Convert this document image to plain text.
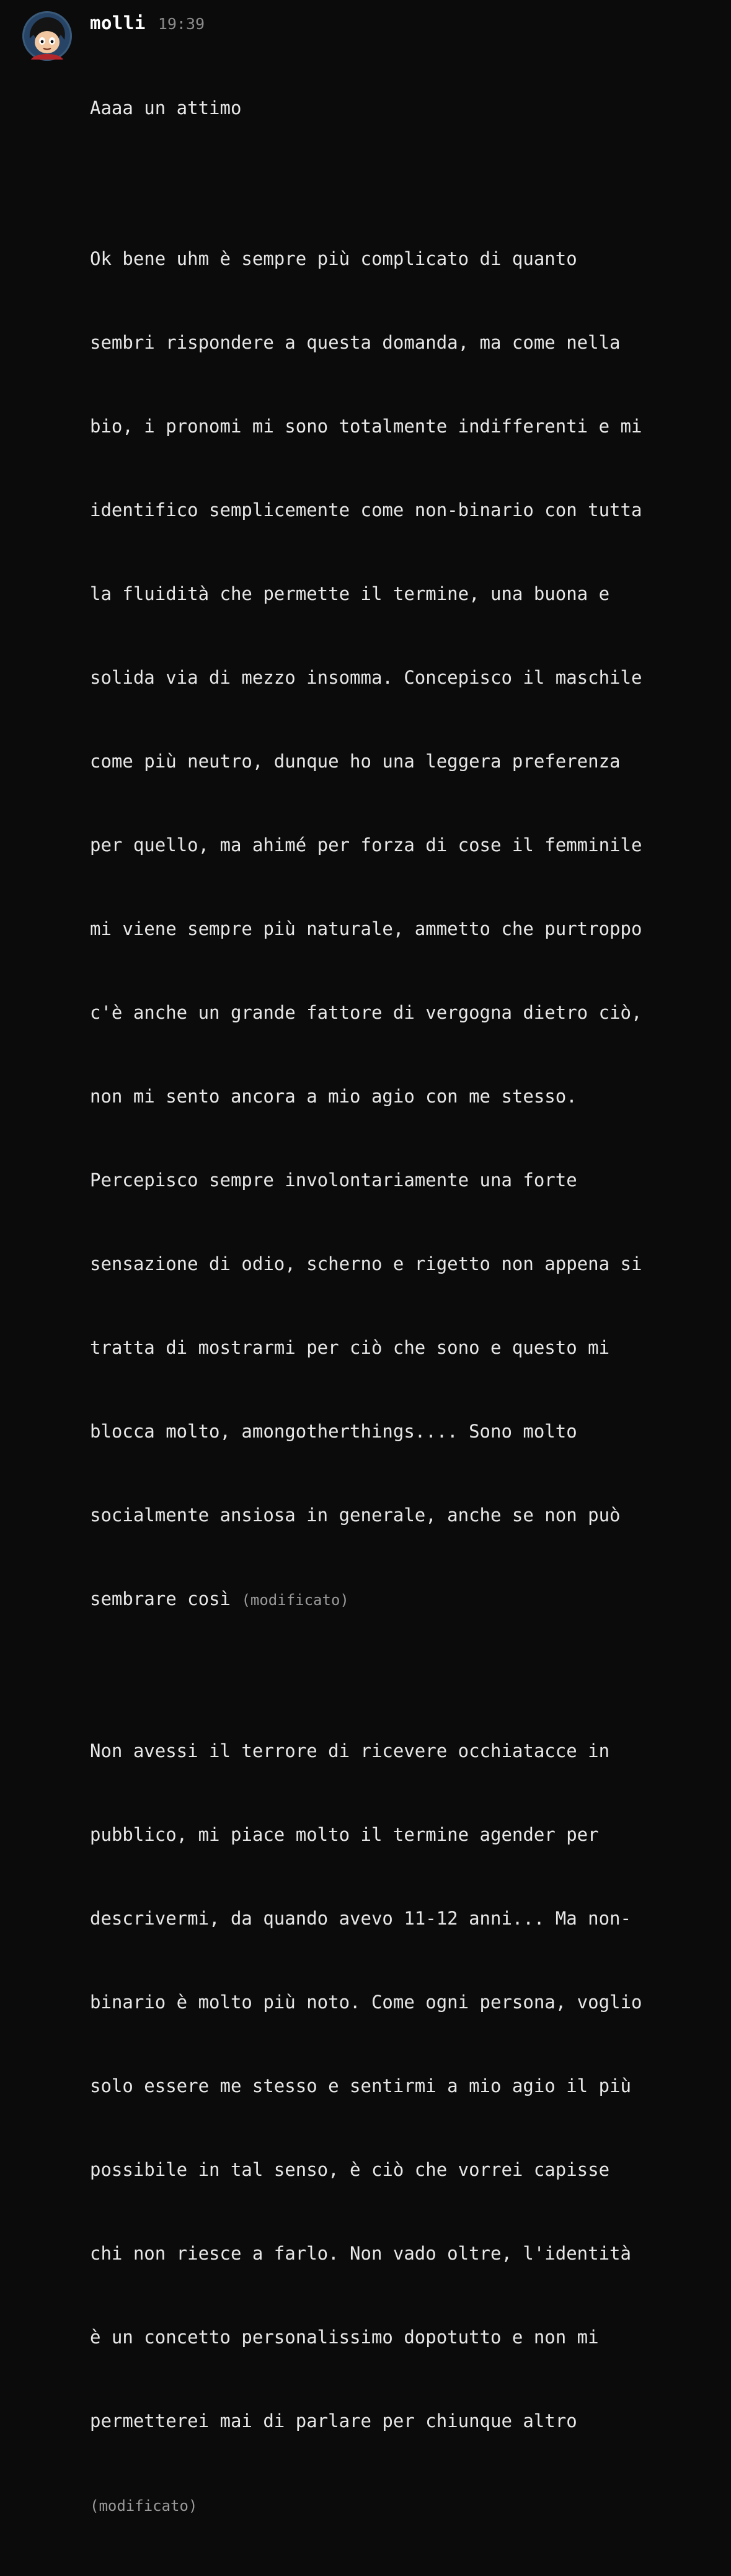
molli 19:39

Aaaa un attimo

Ok bene uhm è sempre più complicato di quanto

sembri rispondere a questa domanda, ma come nella

bio, i pronomi mi sono totalmente indifferenti e mi

identifico semplicemente come non-binario con tutta

la fluidità che permette il termine, una buona e

solida via di mezzo insomma. Concepisco il maschile

come più neutro, dunque ho una leggera preferenza

per quello, ma ahimé per forza di cose il femminile

mi viene sempre più naturale, ammetto che purtroppo

c'è anche un grande fattore di vergogna dietro ciò,

non mi sento ancora a mio agio con me stesso.

Percepisco sempre involontariamente una forte

sensazione di odio, scherno e rigetto non appena si

tratta di mostrarmi per ciò che sono e questo mi

blocca molto, amongotherthings.... Sono molto

socialmente ansiosa in generale, anche se non può

sembrare così (modificato)

Non avessi il terrore di ricevere occhiatacce in

pubblico, mi piace molto il termine agender per

descrivermi, da quando avevo 11-12 anni... Ma non-

binario è molto più noto. Come ogni persona, voglio

solo essere me stesso e sentirmi a mio agio il più

possibile in tal senso, è ciò che vorrei capisse

chi non riesce a farlo. Non vado oltre, l'identità

è un concetto personalissimo dopotutto e non mi

permetterei mai di parlare per chiunque altro

(modificato)
